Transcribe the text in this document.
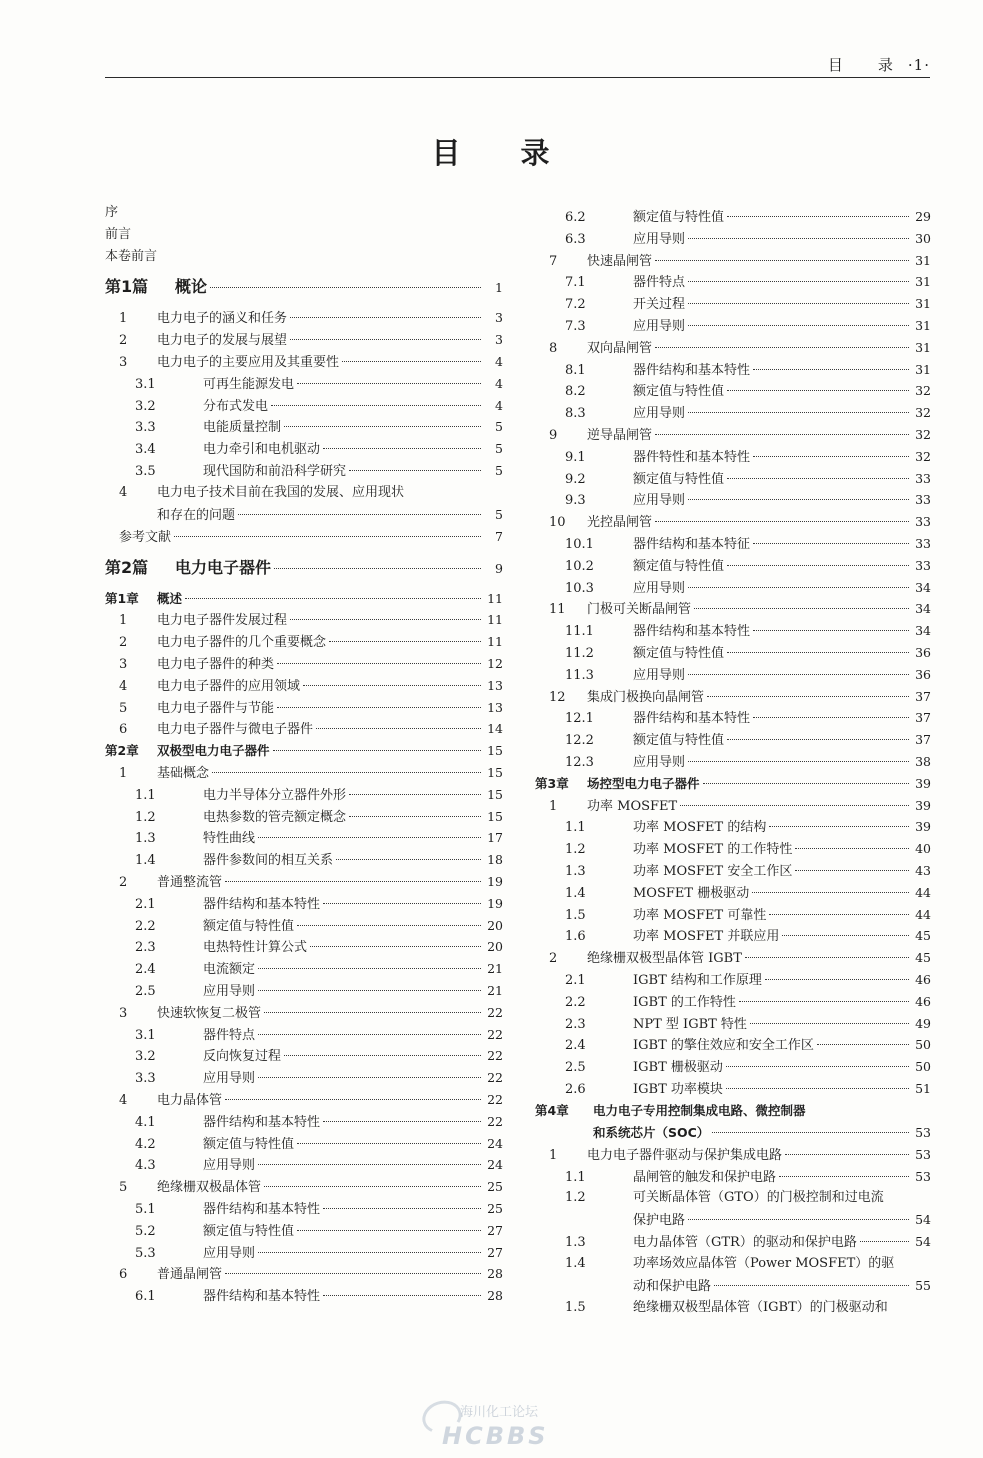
目 录 ·1·
目 录
序
前言
本卷前言
第1篇	概论	1
1	电力电子的涵义和任务	3
2	电力电子的发展与展望	3
3	电力电子的主要应用及其重要性	4
3.1	可再生能源发电	4
3.2	分布式发电	4
3.3	电能质量控制	5
3.4	电力牵引和电机驱动	5
3.5	现代国防和前沿科学研究	5
4	电力电子技术目前在我国的发展、应用现状
和存在的问题	5
参考文献	7
第2篇	电力电子器件	9
第1章	概述	11
1	电力电子器件发展过程	11
2	电力电子器件的几个重要概念	11
3	电力电子器件的种类	12
4	电力电子器件的应用领域	13
5	电力电子器件与节能	13
6	电力电子器件与微电子器件	14
第2章	双极型电力电子器件	15
1	基础概念	15
1.1	电力半导体分立器件外形	15
1.2	电热参数的管壳额定概念	15
1.3	特性曲线	17
1.4	器件参数间的相互关系	18
2	普通整流管	19
2.1	器件结构和基本特性	19
2.2	额定值与特性值	20
2.3	电热特性计算公式	20
2.4	电流额定	21
2.5	应用导则	21
3	快速软恢复二极管	22
3.1	器件特点	22
3.2	反向恢复过程	22
3.3	应用导则	22
4	电力晶体管	22
4.1	器件结构和基本特性	22
4.2	额定值与特性值	24
4.3	应用导则	24
5	绝缘栅双极晶体管	25
5.1	器件结构和基本特性	25
5.2	额定值与特性值	27
5.3	应用导则	27
6	普通晶闸管	28
6.1	器件结构和基本特性	28
6.2	额定值与特性值	29
6.3	应用导则	30
7	快速晶闸管	31
7.1	器件特点	31
7.2	开关过程	31
7.3	应用导则	31
8	双向晶闸管	31
8.1	器件结构和基本特性	31
8.2	额定值与特性值	32
8.3	应用导则	32
9	逆导晶闸管	32
9.1	器件特性和基本特性	32
9.2	额定值与特性值	33
9.3	应用导则	33
10	光控晶闸管	33
10.1	器件结构和基本特征	33
10.2	额定值与特性值	33
10.3	应用导则	34
11	门极可关断晶闸管	34
11.1	器件结构和基本特性	34
11.2	额定值与特性值	36
11.3	应用导则	36
12	集成门极换向晶闸管	37
12.1	器件结构和基本特性	37
12.2	额定值与特性值	37
12.3	应用导则	38
第3章	场控型电力电子器件	39
1	功率 MOSFET	39
1.1	功率 MOSFET 的结构	39
1.2	功率 MOSFET 的工作特性	40
1.3	功率 MOSFET 安全工作区	43
1.4	MOSFET 栅极驱动	44
1.5	功率 MOSFET 可靠性	44
1.6	功率 MOSFET 并联应用	45
2	绝缘栅双极型晶体管 IGBT	45
2.1	IGBT 结构和工作原理	46
2.2	IGBT 的工作特性	46
2.3	NPT 型 IGBT 特性	49
2.4	IGBT 的擎住效应和安全工作区	50
2.5	IGBT 栅极驱动	50
2.6	IGBT 功率模块	51
第4章	电力电子专用控制集成电路、微控制器
和系统芯片（SOC）	53
1	电力电子器件驱动与保护集成电路	53
1.1	晶闸管的触发和保护电路	53
1.2	可关断晶体管（GTO）的门极控制和过电流
保护电路	54
1.3	电力晶体管（GTR）的驱动和保护电路	54
1.4	功率场效应晶体管（Power MOSFET）的驱
动和保护电路	55
1.5	绝缘栅双极型晶体管（IGBT）的门极驱动和
海川化工论坛
HCBBS
